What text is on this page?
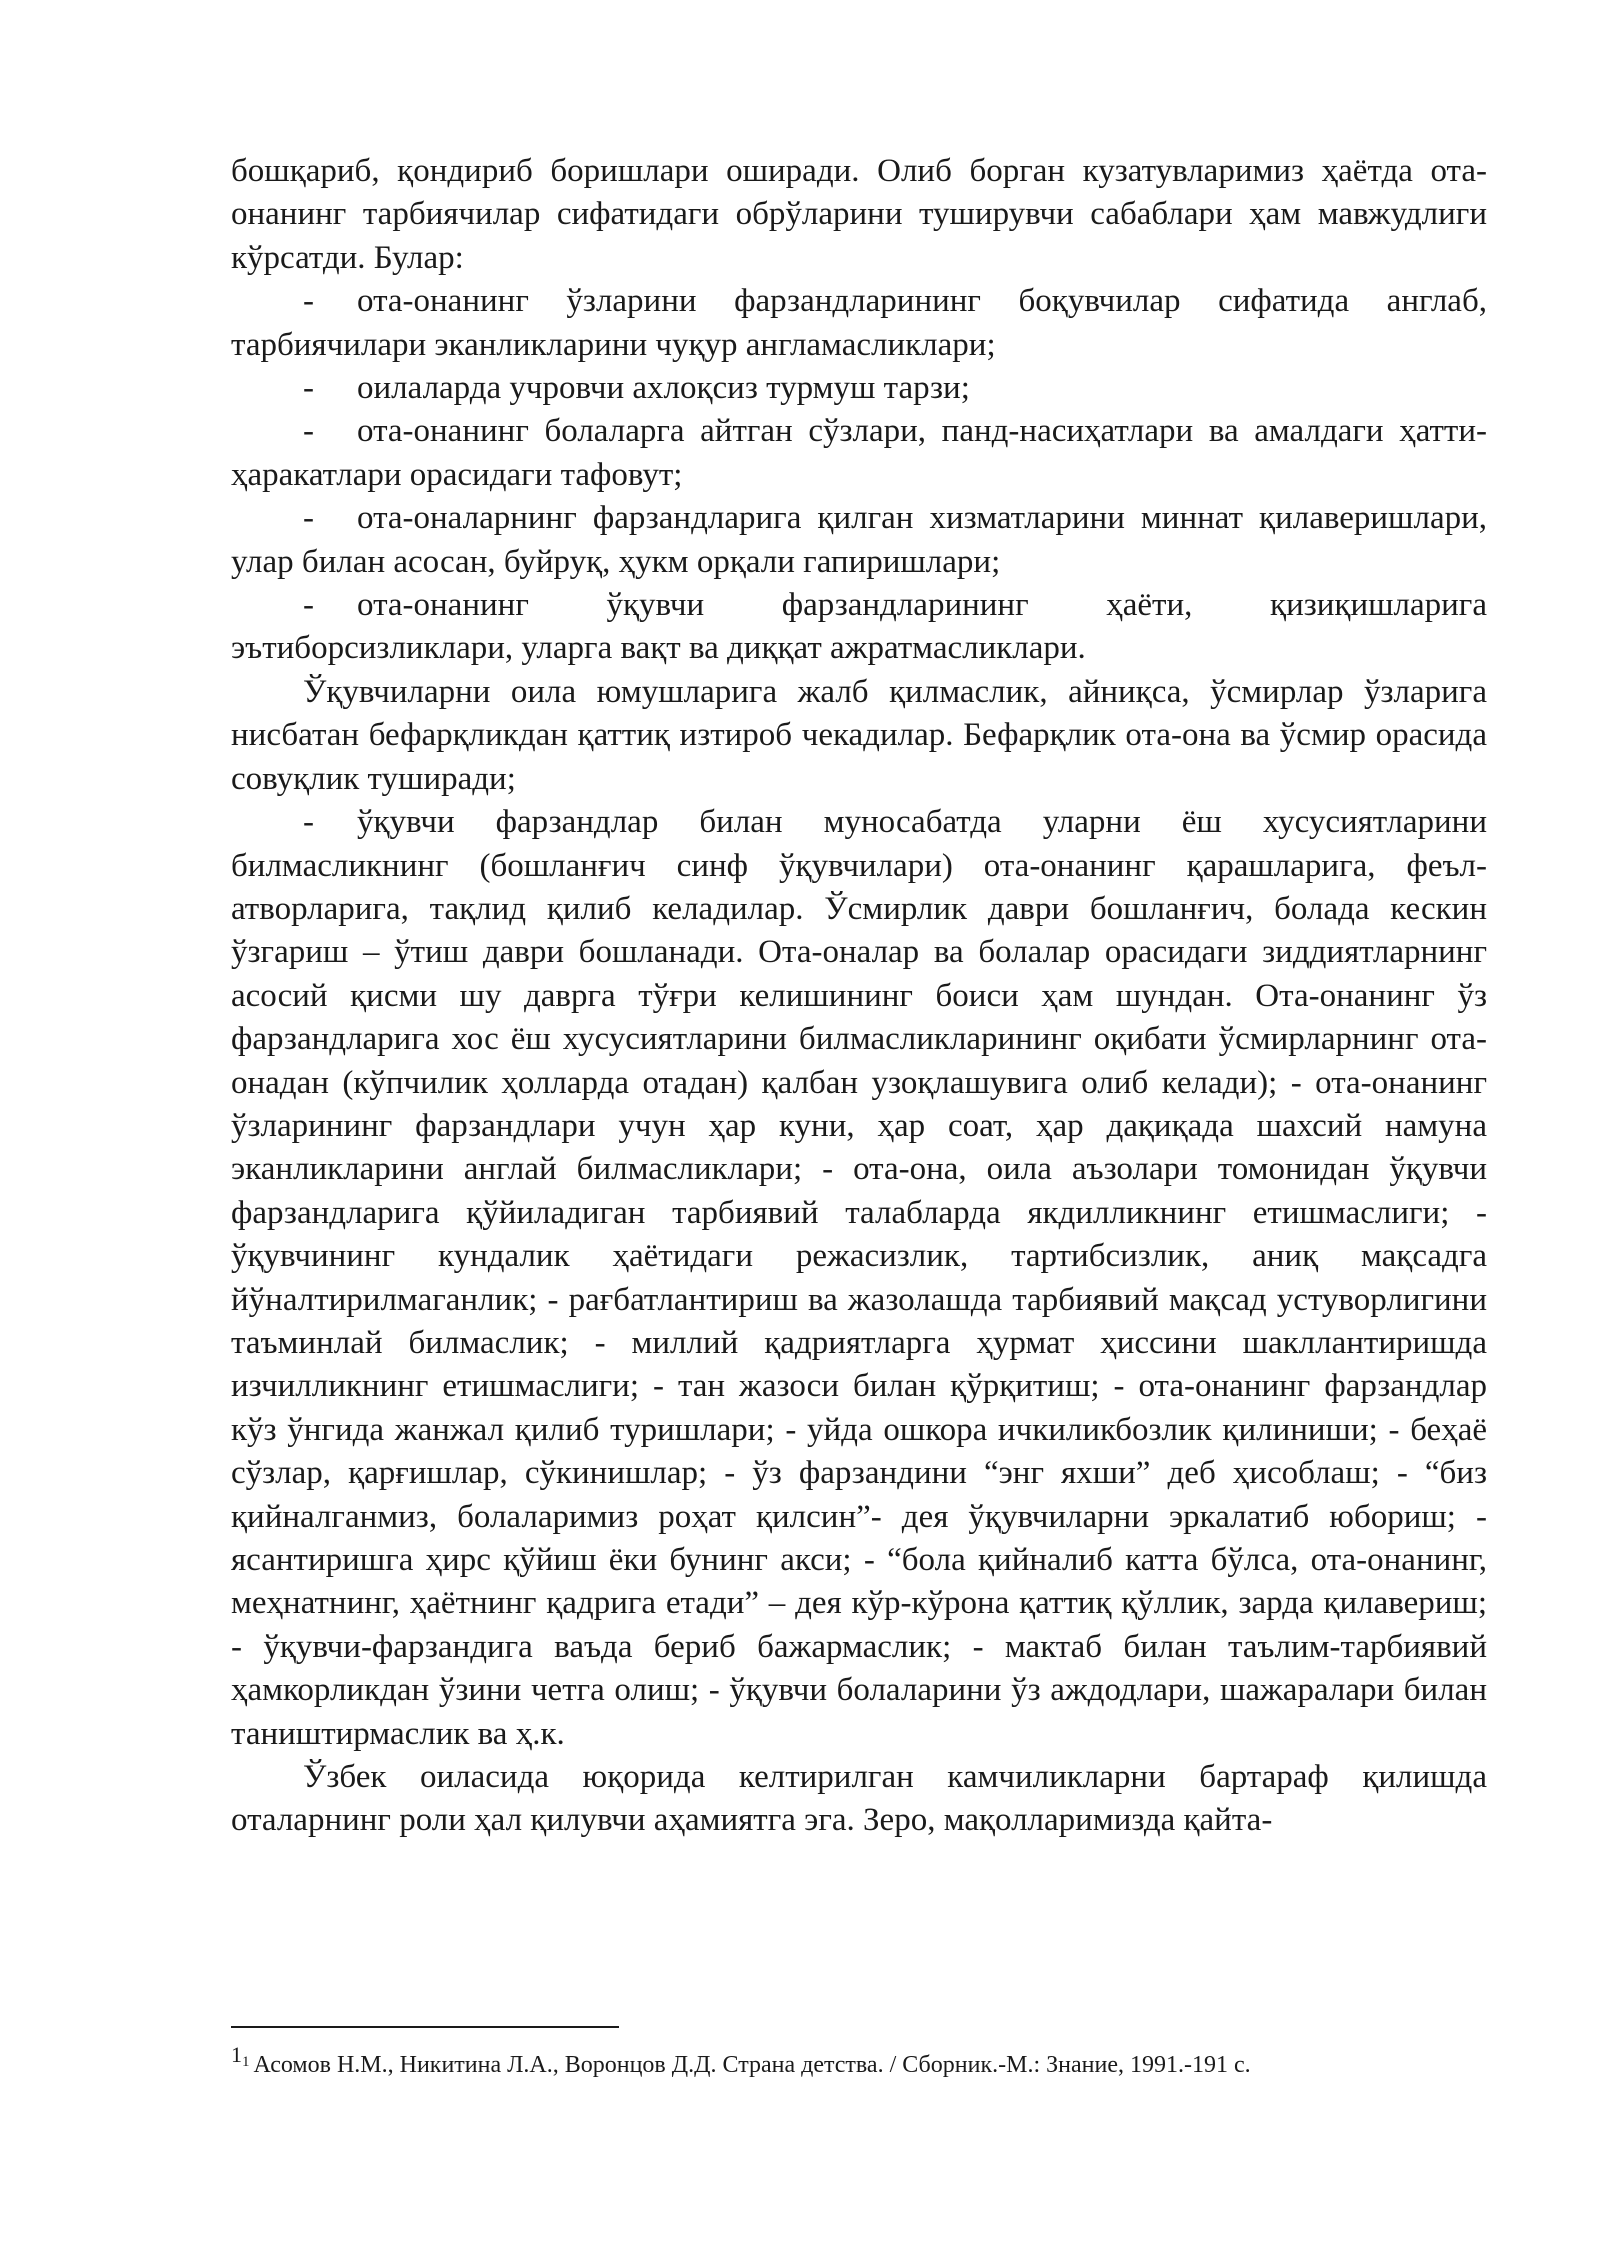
бошқариб, қондириб боришлари оширади. Олиб борган кузатувларимиз ҳаётда ота-онанинг тарбиячилар сифатидаги обрўларини туширувчи сабаблари ҳам мавжудлиги кўрсатди. Булар:

- ота-онанинг ўзларини фарзандларининг боқувчилар сифатида англаб, тарбиячилари эканликларини чуқур англамасликлари;

- оилаларда учровчи ахлоқсиз турмуш тарзи;

- ота-онанинг болаларга айтган сўзлари, панд-насиҳатлари ва амалдаги ҳатти-ҳаракатлари орасидаги тафовут;

- ота-оналарнинг фарзандларига қилган хизматларини миннат қилаверишлари, улар билан асосан, буйруқ, ҳукм орқали гапиришлари;

- ота-онанинг ўқувчи фарзандларининг ҳаёти, қизиқишларига эътиборсизликлари, уларга вақт ва диққат ажратмасликлари.

Ўқувчиларни оила юмушларига жалб қилмаслик, айниқса, ўсмирлар ўзларига нисбатан бефарқликдан қаттиқ изтироб чекадилар. Бефарқлик ота-она ва ўсмир орасида совуқлик туширади;

- ўқувчи фарзандлар билан муносабатда уларни ёш хусусиятларини билмасликнинг (бошланғич синф ўқувчилари) ота-онанинг қарашларига, феъл-атворларига, тақлид қилиб келадилар. Ўсмирлик даври бошланғич, болада кескин ўзгариш – ўтиш даври бошланади. Ота-оналар ва болалар орасидаги зиддиятларнинг асосий қисми шу даврга тўғри келишининг боиси ҳам шундан. Ота-онанинг ўз фарзандларига хос ёш хусусиятларини билмасликларининг оқибати ўсмирларнинг ота-онадан (кўпчилик ҳолларда отадан) қалбан узоқлашувига олиб келади); - ота-онанинг ўзларининг фарзандлари учун ҳар куни, ҳар соат, ҳар дақиқада шахсий намуна эканликларини англай билмасликлари; - ота-она, оила аъзолари томонидан ўқувчи фарзандларига қўйиладиган тарбиявий талабларда якдилликнинг етишмаслиги; - ўқувчининг кундалик ҳаётидаги режасизлик, тартибсизлик, аниқ мақсадга йўналтирилмаганлик; - рағбатлантириш ва жазолашда тарбиявий мақсад устуворлигини таъминлай билмаслик; - миллий қадриятларга ҳурмат ҳиссини шакллантиришда изчилликнинг етишмаслиги; - тан жазоси билан қўрқитиш; - ота-онанинг фарзандлар кўз ўнгида жанжал қилиб туришлари; - уйда ошкора ичкиликбозлик қилиниши; - беҳаё сўзлар, қарғишлар, сўкинишлар; - ўз фарзандини “энг яхши” деб ҳисоблаш; - “биз қийналганмиз, болаларимиз роҳат қилсин”- дея ўқувчиларни эркалатиб юбориш; - ясантиришга ҳирс қўйиш ёки бунинг акси; - “бола қийналиб катта бўлса, ота-онанинг, меҳнатнинг, ҳаётнинг қадрига етади” – дея кўр-кўрона қаттиқ қўллик, зарда қилавериш; - ўқувчи-фарзандига ваъда бериб бажармаслик; - мактаб билан таълим-тарбиявий ҳамкорликдан ўзини четга олиш; - ўқувчи болаларини ўз аждодлари, шажаралари билан таништирмаслик ва ҳ.к.

Ўзбек оиласида юқорида келтирилган камчиликларни бартараф қилишда оталарнинг роли ҳал қилувчи аҳамиятга эга. Зеро, мақолларимизда қайта-

$^{11}$ Асомов Н.М., Никитина Л.А., Воронцов Д.Д. Страна детства. / Сборник.-М.: Знание, 1991.-191 с.
